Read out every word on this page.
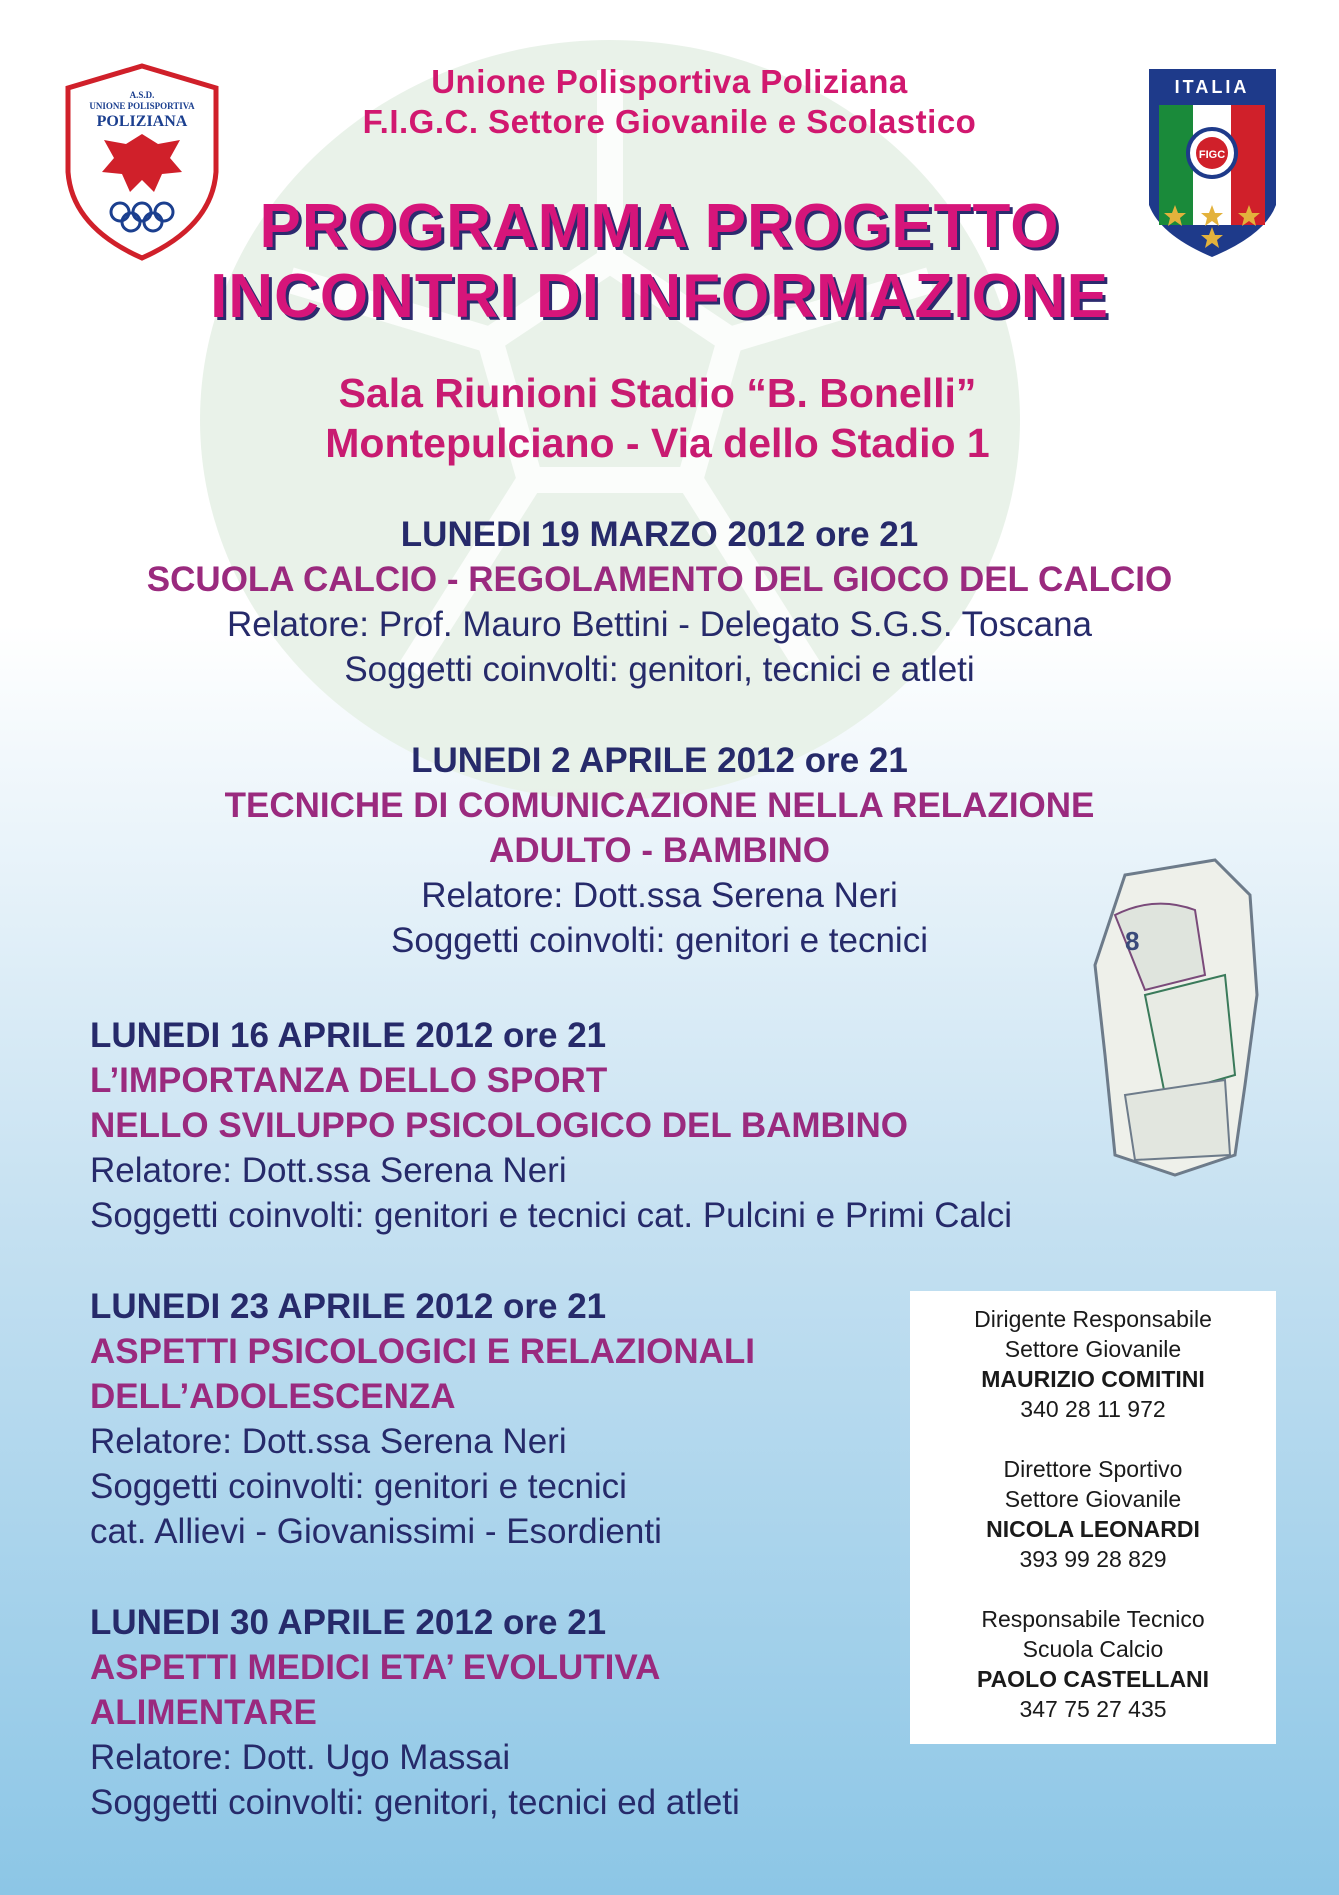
A.S.D.
UNIONE POLISPORTIVA
POLIZIANA
ITALIA
FIGC
Unione Polisportiva Poliziana
F.I.G.C. Settore Giovanile e Scolastico
PROGRAMMA PROGETTO
INCONTRI DI INFORMAZIONE
Sala Riunioni Stadio “B. Bonelli”
Montepulciano - Via dello Stadio 1
LUNEDI 19 MARZO 2012 ore 21
SCUOLA CALCIO - REGOLAMENTO DEL GIOCO DEL CALCIO
Relatore: Prof. Mauro Bettini - Delegato S.G.S. Toscana
Soggetti coinvolti: genitori, tecnici e atleti
LUNEDI 2 APRILE 2012 ore 21
TECNICHE DI COMUNICAZIONE NELLA RELAZIONE
ADULTO - BAMBINO
Relatore: Dott.ssa Serena Neri
Soggetti coinvolti: genitori e tecnici	8
LUNEDI 16 APRILE 2012 ore 21
L’IMPORTANZA DELLO SPORT
NELLO SVILUPPO PSICOLOGICO DEL BAMBINO
Relatore: Dott.ssa Serena Neri
Soggetti coinvolti: genitori e tecnici cat. Pulcini e Primi Calci
LUNEDI 23 APRILE 2012 ore 21
ASPETTI PSICOLOGICI E RELAZIONALI
DELL’ADOLESCENZA
Relatore: Dott.ssa Serena Neri
Soggetti coinvolti: genitori e tecnici
cat. Allievi - Giovanissimi - Esordienti
LUNEDI 30 APRILE 2012 ore 21
ASPETTI MEDICI ETA’ EVOLUTIVA
ALIMENTARE
Relatore: Dott. Ugo Massai
Soggetti coinvolti: genitori, tecnici ed atleti
Dirigente Responsabile
Settore Giovanile
MAURIZIO COMITINI
340 28 11 972
Direttore Sportivo
Settore Giovanile
NICOLA LEONARDI
393 99 28 829
Responsabile Tecnico
Scuola Calcio
PAOLO CASTELLANI
347 75 27 435
